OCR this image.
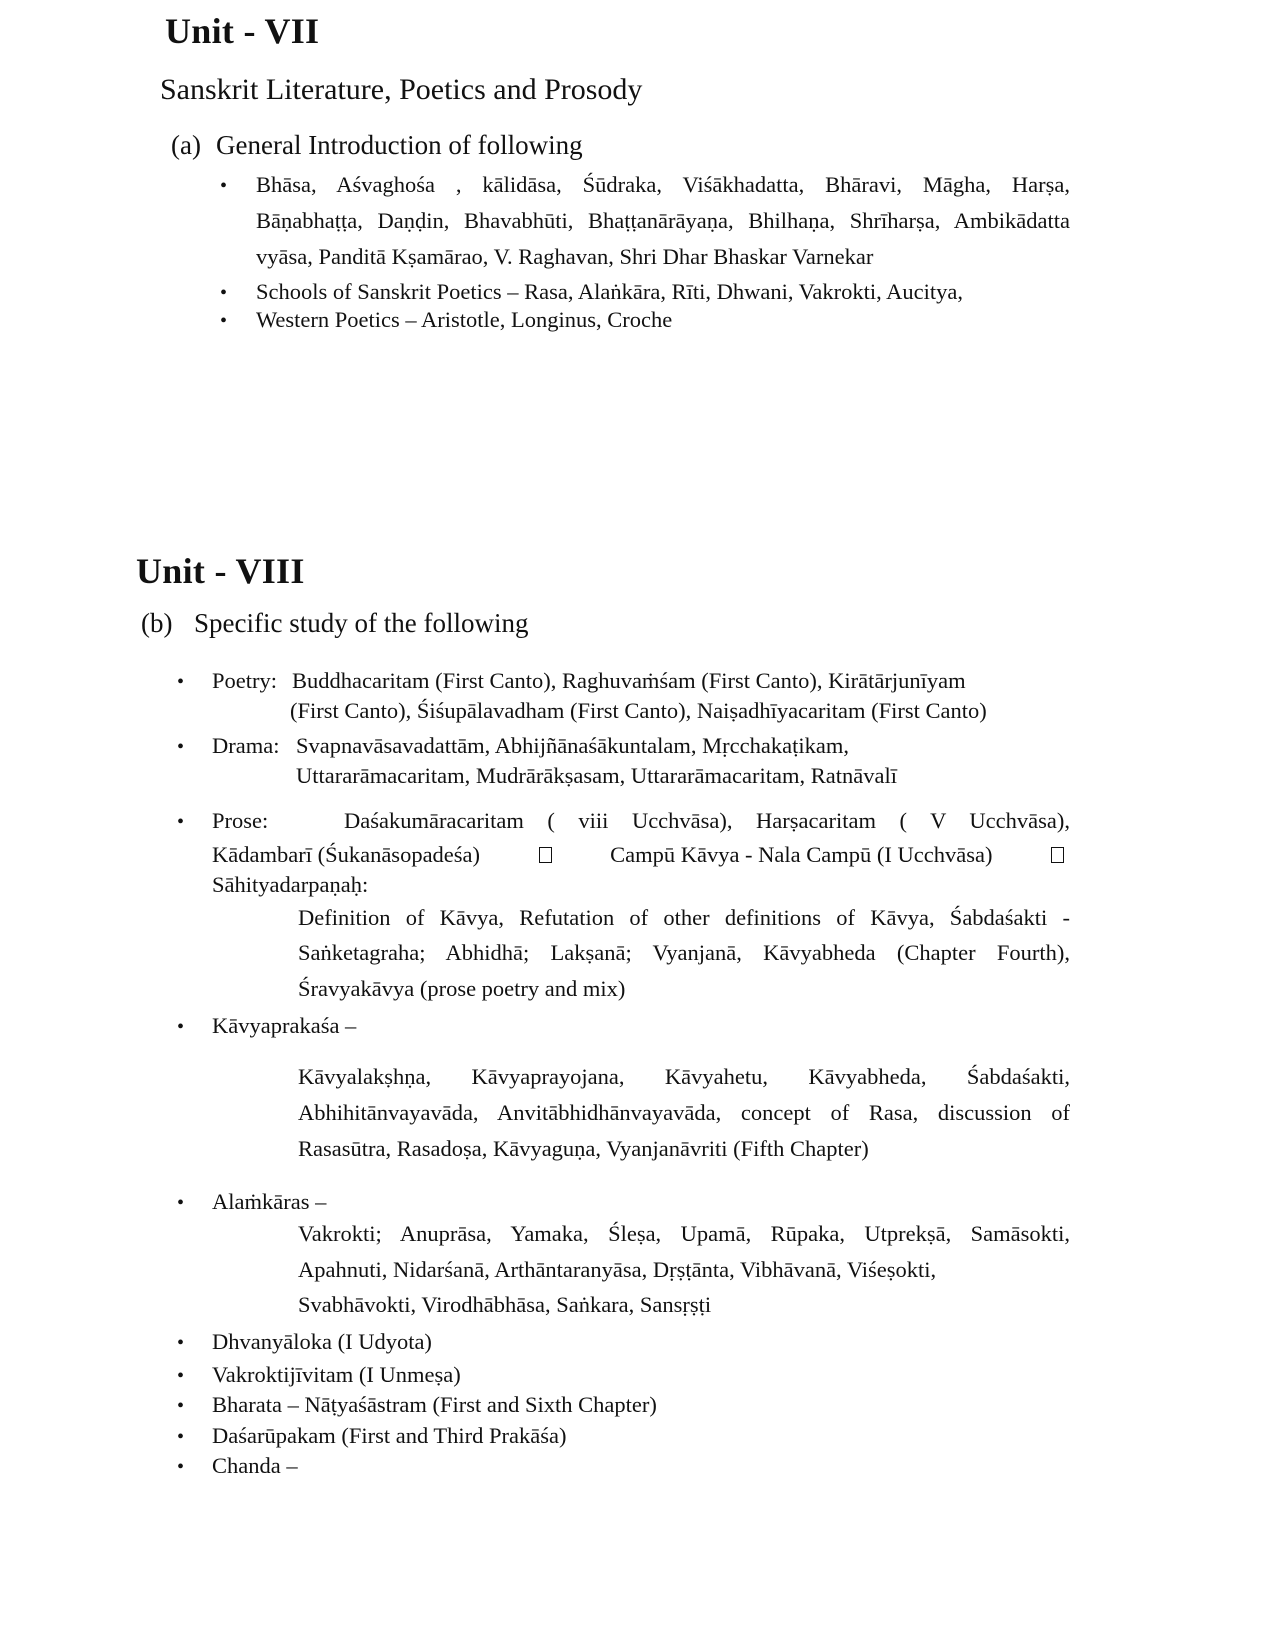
Unit - VII
Sanskrit Literature, Poetics and Prosody
(a) General Introduction of following
• Bhāsa, Aśvaghośa , kālidāsa, Śūdraka, Viśākhadatta, Bhāravi, Māgha, Harṣa,
Bāṇabhaṭṭa, Daṇḍin, Bhavabhūti, Bhaṭṭanārāyaṇa, Bhilhaṇa, Shrīharṣa, Ambikādatta
vyāsa, Panditā Kṣamārao, V. Raghavan, Shri Dhar Bhaskar Varnekar
• Schools of Sanskrit Poetics – Rasa, Alaṅkāra, Rīti, Dhwani, Vakrokti, Aucitya,
• Western Poetics – Aristotle, Longinus, Croche
Unit - VIII
(b) Specific study of the following
• Poetry: Buddhacaritam (First Canto), Raghuvaṁśam (First Canto), Kirātārjunīyam
(First Canto), Śiśupālavadham (First Canto), Naiṣadhīyacaritam (First Canto)
• Drama: Svapnavāsavadattām, Abhijñānaśākuntalam, Mṛcchakaṭikam,
Uttararāmacaritam, Mudrārākṣasam, Uttararāmacaritam, Ratnāvalī
• Prose:	Daśakumāracaritam ( viii Ucchvāsa), Harṣacaritam ( V Ucchvāsa),
Kādambarī (Śukanāsopadeśa)	Campū Kāvya - Nala Campū (I Ucchvāsa)
Sāhityadarpaṇaḥ:
Definition of Kāvya, Refutation of other definitions of Kāvya, Śabdaśakti -
Saṅketagraha; Abhidhā; Lakṣanā; Vyanjanā, Kāvyabheda (Chapter Fourth),
Śravyakāvya (prose poetry and mix)
• Kāvyaprakaśa –
Kāvyalakṣhṇa, Kāvyaprayojana, Kāvyahetu, Kāvyabheda, Śabdaśakti,
Abhihitānvayavāda, Anvitābhidhānvayavāda, concept of Rasa, discussion of
Rasasūtra, Rasadoṣa, Kāvyaguṇa, Vyanjanāvriti (Fifth Chapter)
• Alaṁkāras –
Vakrokti; Anuprāsa, Yamaka, Śleṣa, Upamā, Rūpaka, Utprekṣā, Samāsokti,
Apahnuti, Nidarśanā, Arthāntaranyāsa, Dṛṣṭānta, Vibhāvanā, Viśeṣokti,
Svabhāvokti, Virodhābhāsa, Saṅkara, Sansṛṣṭi
• Dhvanyāloka (I Udyota)
• Vakroktijīvitam (I Unmeṣa)
• Bharata – Nāṭyaśāstram (First and Sixth Chapter)
• Daśarūpakam (First and Third Prakāśa)
• Chanda –
